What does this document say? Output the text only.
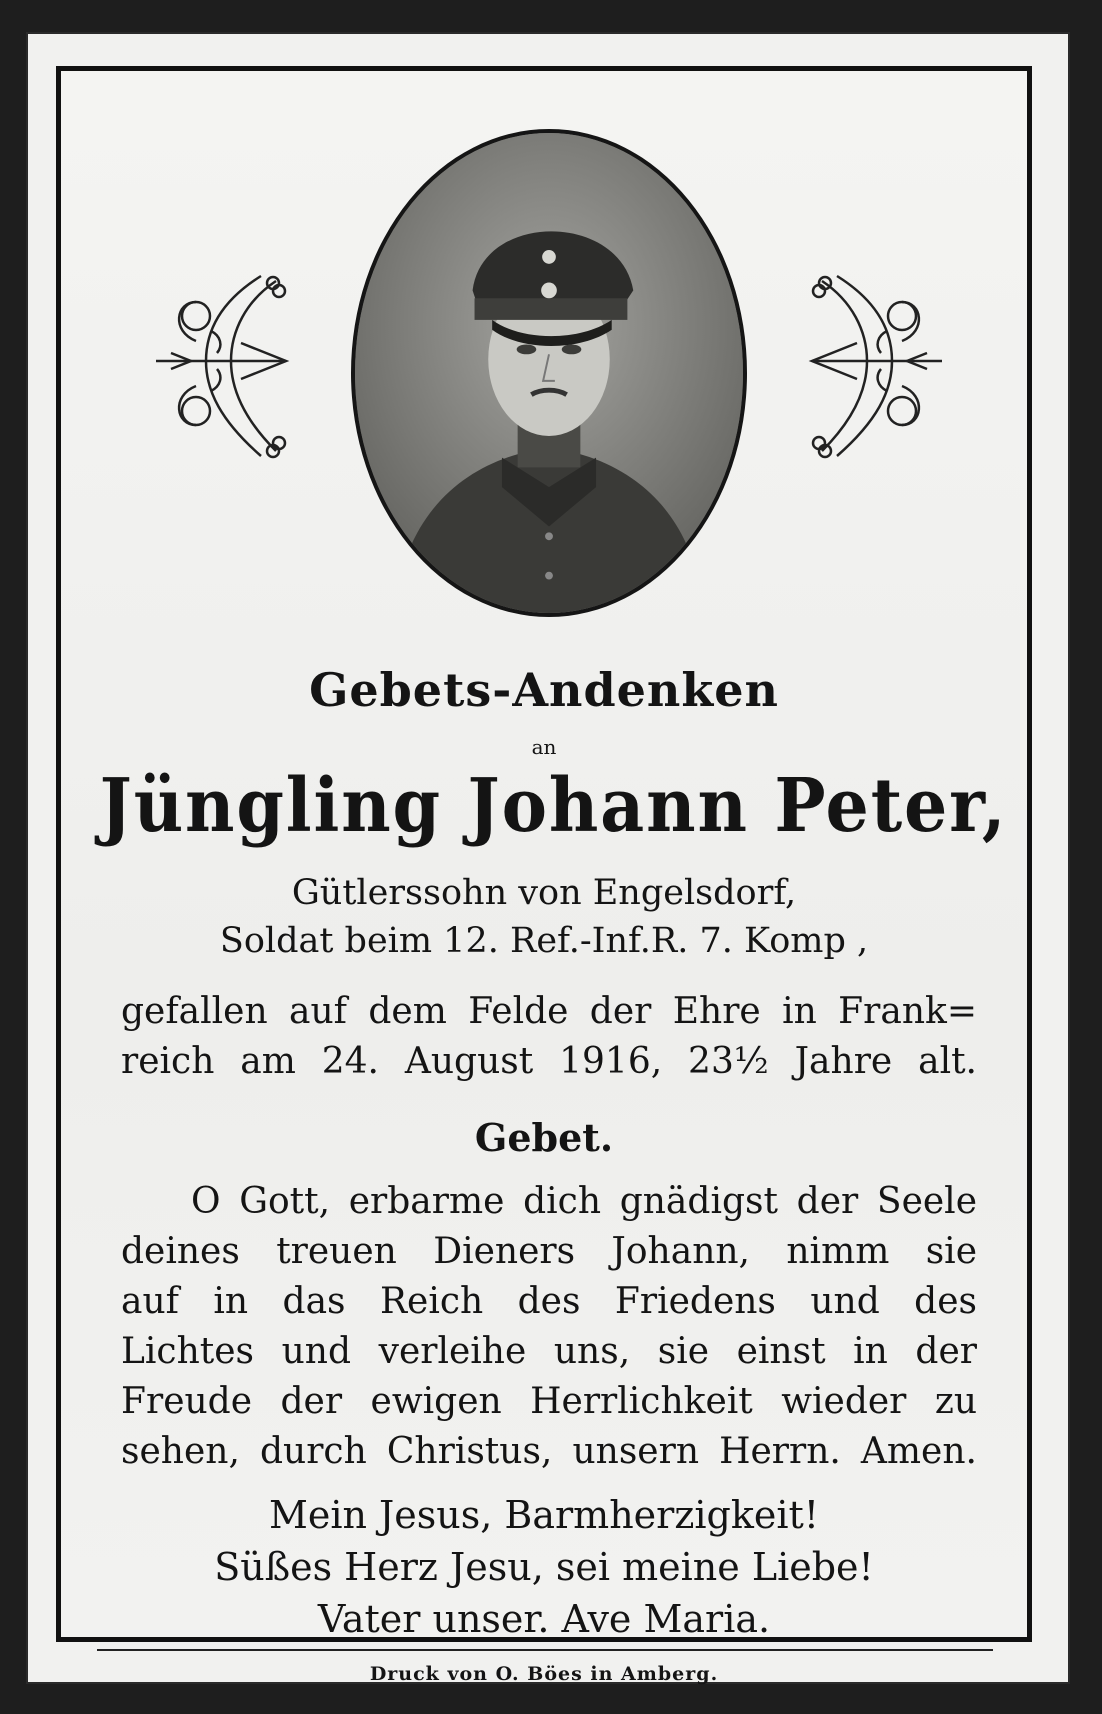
Gebets-Andenken
an
Jüngling Johann Peter,
Gütlerssohn von Engelsdorf,
Soldat beim 12. Ref.-Inf.R. 7. Komp ,
gefallen auf dem Felde der Ehre in Frank=
reich am 24. August 1916, 23½ Jahre alt.
Gebet.
O Gott, erbarme dich gnädigst der Seele
deines treuen Dieners Johann, nimm sie
auf in das Reich des Friedens und des
Lichtes und verleihe uns, sie einst in der
Freude der ewigen Herrlichkeit wieder zu
sehen, durch Christus, unsern Herrn. Amen.
Mein Jesus, Barmherzigkeit!
Süßes Herz Jesu, sei meine Liebe!
Vater unser. Ave Maria.
Druck von O. Böes in Amberg.
